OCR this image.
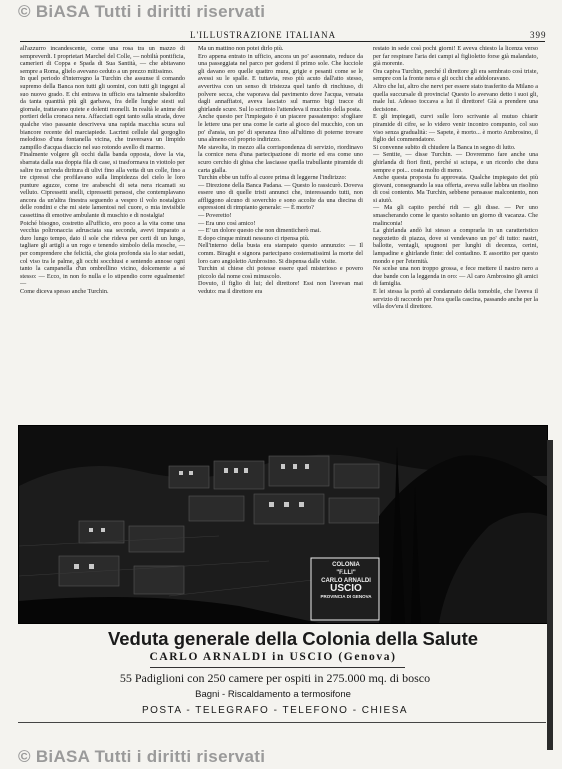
© BiASA Tutti i diritti riservati
L'ILLUSTRAZIONE ITALIANA	399

all'azzurro incandescente, come una rosa tra un mazzo di sempreverdi. I proprietari Marchel del Colle, — nobiltà pontificia, camerieri di Coppa e Spada di Sua Santità, — che abitavano sempre a Roma, glielo avevano ceduto a un prezzo mitissimo.

In quel periodo d'interregno la Turchin che assunse il comando supremo della Banca non tutti gli uomini, con tutti gli ingegni al suo nuovo grado. E chi entrava in ufficio era talmente sbalordito da tanta quantità più gli garbava, fra delle lunghe siesti sul giornale, trattavano quiete e dolenti monelli. In realtà le anime dei portieri della cronaca nera. Affacciati ogni tanto sulla strada, dove qualche viso passante descriveva una rapida macchia scura sul biancore recente del marciapiede. Lacrimi cellule dal gorgoglio melodioso d'una fontanella vicina, che traversava un limpido zampillo d'acqua diaccio nel suo rotondo avello di marmo.

Finalmente volgere gli occhi dalla banda opposta, dove la via, sbarrata dalla sua doppia fila di case, si trasformava in viottolo per salire tra un'onda diritura di ulivi fino alla vetta di un colle, fino a tre cipressi che profilavano sulla limpidezza del cielo le loro punture aguzze, come tre arabeschi di seta nera ricamati su velluto. Cipressetti snelli, cipressetti pensosi, che contemplavano ancora da un'altra finestra seguendo a vespro il volo nostalgico delle rondini e che mi siete lamentosi nel cuore, o mia invisibile cassettina di emotive ambulante di muschio e di nostalgia!

Poiché bisogno, costretto all'ufficio, ero poco a la vita come una vecchia poltronaccia adrusciata sua seconda, avevi imparato a duro lungo tempo, dato il sole che rideva per certi di un lungo, tagliare gli artigli a un rogo e tenendo simbolo della mosche, — per comprendere che felicità, che gioia profonda sia lo star sedati, col viso tra le palme, gli occhi socchiusi e sentendo annose ogni tanto la campanella d'un ombrellino vicino, dolcemente a sé stesso: — Ecco, in non fo nulla e lo stipendio corre egualmente! —

Come diceva spesso anche Turchin.

Ma un mattino non potei dirlo più.

Ero appena entrato in ufficio, ancora un po' assonnato, reduce da una passeggiata nel parco per godersi il primo sole. Che lucciole gli davano ero quelle quattro mura, grigie e pesanti come se le avessi su le spalle. E tuttavia, reso più acuto dall'atto stesso, avvertiva con un senso di tristezza quel tanfo di rinchiuso, di polvere secca, che vaporava dal pavimento dove l'acqua, versata dagli annaffiatoi, aveva lasciato sul marmo bigi tracce di ghirlande scure. Sul lo scrittoio l'attendeva il mucchio della posta.

Anche questo per l'impiegato è un piacere passatempo: sfogliare le lettere una per una come le carte al gioco del mucchio, con un po' d'ansia, un po' di speranza fino all'ultimo di poterne trovare una almeno col proprio indirizzo.

Me stavolta, in mezzo alla corrispondenza di servizio, riordinavo la cornice nera d'una partecipazione di morte ed era come uno scuro cerchio di ghisa che lasciasse quella trabullante piramide di carta gialla.

Turchin ebbe un tuffo al cuore prima di leggerne l'indirizzo:

— Direzione della Banca Padana. — Questo lo rassicurò. Doveva essere uno di quelle tristi annunci che, interessando tutti, non affliggono alcuno di soverchio e sono accolte da una diecina di espressioni di rimpianto generale: — È morto?

— Poveretto!

— Era uno così amico!

— E' un dolore questo che non dimenticherò mai.

E dopo cinque minuti nessuno ci ripensa più.

Nell'interno della busta era stampato questo annunzio: — Il comm. Biraghi e signora partecipano costernatissimi la morte del loro caro angioletto Ambrosino. Si dispensa dalle visite.

Turchin si chiese chi potesse essere quel misterioso e povero piccolo dal nome così minuscolo.

Dovuto, il figlio di lui; del direttore! Essi non l'avevan mai veduto: ma il direttore era

restato in sede così pochi giorni! E aveva chiesto la licenza verso per far respirare l'aria dei campi al figlioletto forse già malandato, già morente.

Ora capiva Turchin, perché il direttore gli era sembrato così triste, sempre con la fronte nera e gli occhi che addoloravano.

Altro che lui, altro che nervi per essere stato trasferito da Milano a quella succursale di provincia! Questo lo avevano detto i suoi gli, male lui. Adesso toccava a lui il direttore! Già a prendere una decisione.

E gli impiegati, curvi sulle loro scrivanie al mutuo chiarir piramide di cifre, se lo videro venir incontro compunto, col suo viso senza gradualità: — Sapete, è morto... è morto Ambrosino, il figlio del commendatore.

Si convenne subito di chiudere la Banca in segno di lutto.

— Sentite, — disse Turchin. — Dovremmo fare anche una ghirlanda di fiori finti, perché si sciupa, e un ricordo che dura sempre e poi... costa molto di meno.

Anche questa proposta fu approvata. Qualche impiegato dei più giovani, consegnando la sua offerta, aveva sulle labbra un risolino di così contento. Ma Turchin, sebbene pensasse malcontento, non si aiutò.

— Ma gli capito perché ridi — gli disse. — Per uno smascherando come le questo soltanto un giorno di vacanza. Che malinconia!

La ghirlanda andò lui stesso a comprarla in un caratteristico negozietto di piazza, dove si vendevano un po' di tutto: nastri, ballotte, ventagli, spugnoni per lunghi di decenza, cerini, lampadine e ghirlande finte: del contadino. E assortito per questo mondo e per l'eternità.

Ne scelse una non troppo grossa, e fece mettere il nastro nero a due bande con la leggenda in oro: — Al caro Ambrosino gli amici di famiglia.

E lei stessa la portò al condannato della tomobile, che l'aveva il servizio di raccordo per l'ora quella cascina, passando anche per la villa dov'era il direttore.

COLONIA
"F.LLI"
CARLO ARNALDI
USCIO
PROVINCIA DI GENOVA
Veduta generale della Colonia della Salute
CARLO ARNALDI in USCIO (Genova)
55 Padiglioni con 250 camere per ospiti in 275.000 mq. di bosco
Bagni - Riscaldamento a termosifone
POSTA - TELEGRAFO - TELEFONO - CHIESA
© BiASA Tutti i diritti riservati
